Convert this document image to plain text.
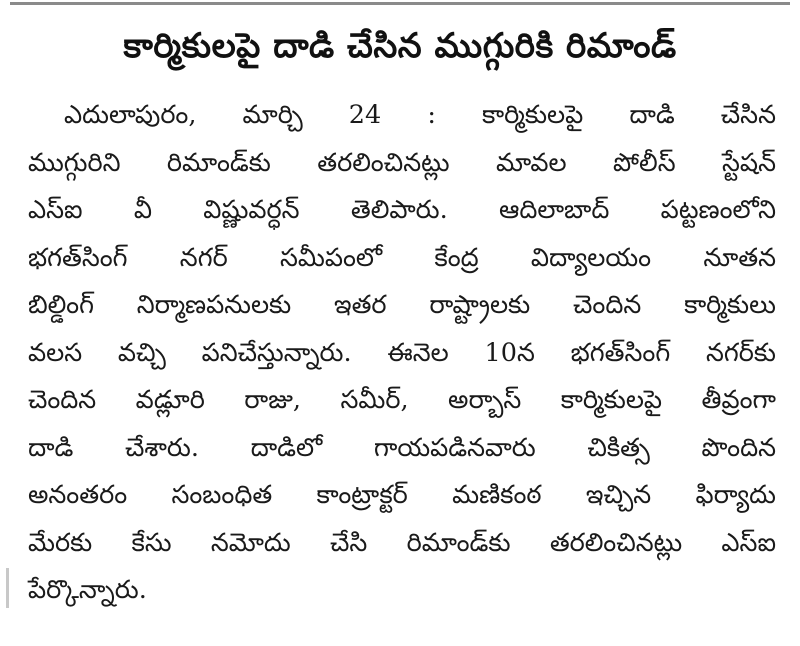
కార్మికులపై దాడి చేసిన ముగ్గురికి రిమాండ్
ఎదులాపురం, మార్చి 24 : కార్మికులపై దాడి చేసిన
ముగ్గురిని రిమాండ్‌కు తరలించినట్లు మావల పోలీస్ స్టేషన్
ఎస్ఐ వీ విష్ణువర్ధన్ తెలిపారు. ఆదిలాబాద్ పట్టణంలోని
భగత్‌సింగ్ నగర్ సమీపంలో కేంద్ర విద్యాలయం నూతన
బిల్డింగ్ నిర్మాణపనులకు ఇతర రాష్ట్రాలకు చెందిన కార్మికులు
వలస వచ్చి పనిచేస్తున్నారు. ఈనెల 10న భగత్‌సింగ్ నగర్‌కు
చెందిన వడ్లూరి రాజు, సమీర్, అర్బాస్ కార్మికులపై తీవ్రంగా
దాడి చేశారు. దాడిలో గాయపడినవారు చికిత్స పొందిన
అనంతరం సంబంధిత కాంట్రాక్టర్ మణికంఠ ఇచ్చిన ఫిర్యాదు
మేరకు కేసు నమోదు చేసి రిమాండ్‌కు తరలించినట్లు ఎస్ఐ
పేర్కొన్నారు.
